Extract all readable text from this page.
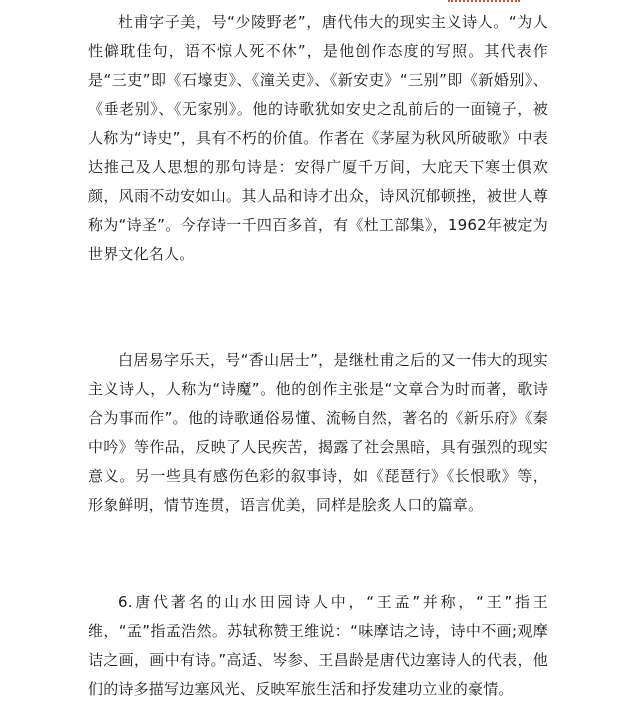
杜甫字子美，号“少陵野老”，唐代伟大的现实主义诗人。“为人性僻耽佳句，语不惊人死不休”，是他创作态度的写照。其代表作是“三吏”即《石壕吏》、《潼关吏》、《新安吏》“三别”即《新婚别》、《垂老别》、《无家别》。他的诗歌犹如安史之乱前后的一面镜子，被人称为“诗史”，具有不朽的价值。作者在《茅屋为秋风所破歌》中表达推己及人思想的那句诗是：安得广厦千万间，大庇天下寒士俱欢颜，风雨不动安如山。其人品和诗才出众，诗风沉郁顿挫，被世人尊称为“诗圣”。今存诗一千四百多首，有《杜工部集》，1962年被定为世界文化名人。

白居易字乐天，号“香山居士”，是继杜甫之后的又一伟大的现实主义诗人，人称为“诗魔”。他的创作主张是“文章合为时而著，歌诗合为事而作”。他的诗歌通俗易懂、流畅自然，著名的《新乐府》《秦中吟》等作品，反映了人民疾苦，揭露了社会黑暗，具有强烈的现实意义。另一些具有感伤色彩的叙事诗，如《琵琶行》《长恨歌》等，形象鲜明，情节连贯，语言优美，同样是脍炙人口的篇章。

6.唐代著名的山水田园诗人中，“王孟”并称，“王”指王维，“孟”指孟浩然。苏轼称赞王维说：“味摩诘之诗，诗中不画;观摩诘之画，画中有诗。”高适、岑参、王昌龄是唐代边塞诗人的代表，他们的诗多描写边塞风光、反映军旅生活和抒发建功立业的豪情。
